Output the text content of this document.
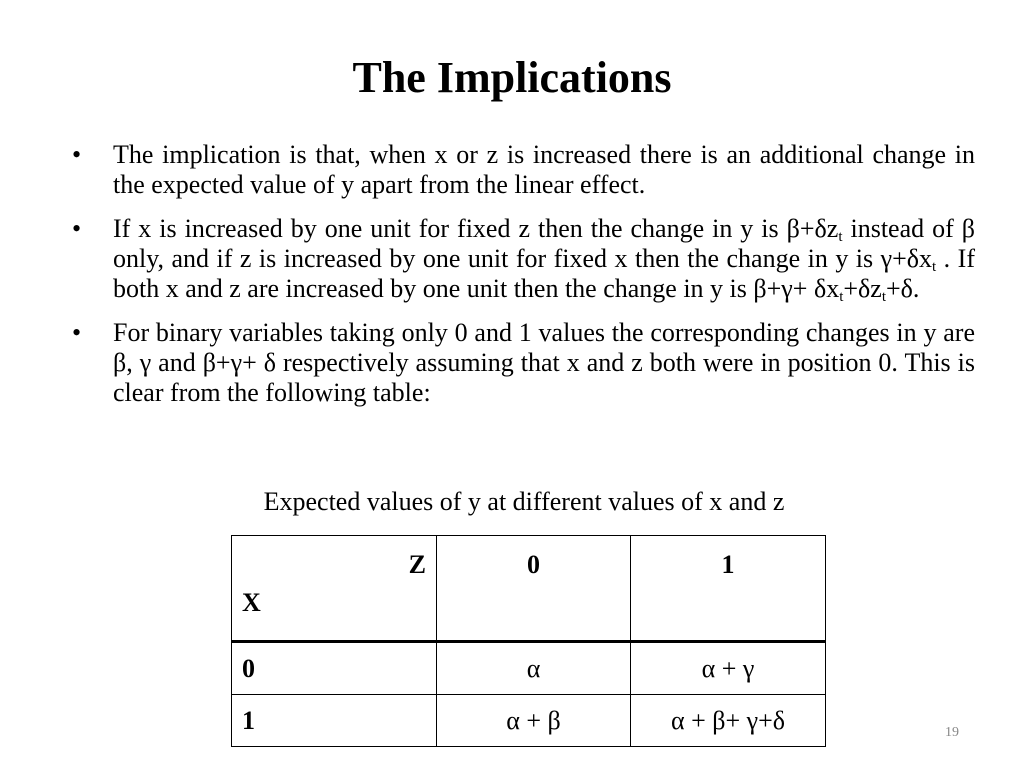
The Implications
•	The implication is that, when x or z is increased there is an additional change in the expected value of y apart from the linear effect.
•	If x is increased by one unit for fixed z then the change in y is $\beta+\delta z_t$ instead of β only, and if z is increased by one unit for fixed x then the change in y is $\gamma+\delta x_t$ . If both x and z are increased by one unit then the change in y is $\beta+\gamma+ \delta x_t+\delta z_t+\delta$.
•	For binary variables taking only 0 and 1 values the corresponding changes in y are β, γ and β+γ+ δ respectively assuming that x and z both were in position 0. This is clear from the following table:
Expected values of y at different values of x and z
Z
X	0	1
0	α	α + γ
1	α + β	α + β+ γ+δ	19
